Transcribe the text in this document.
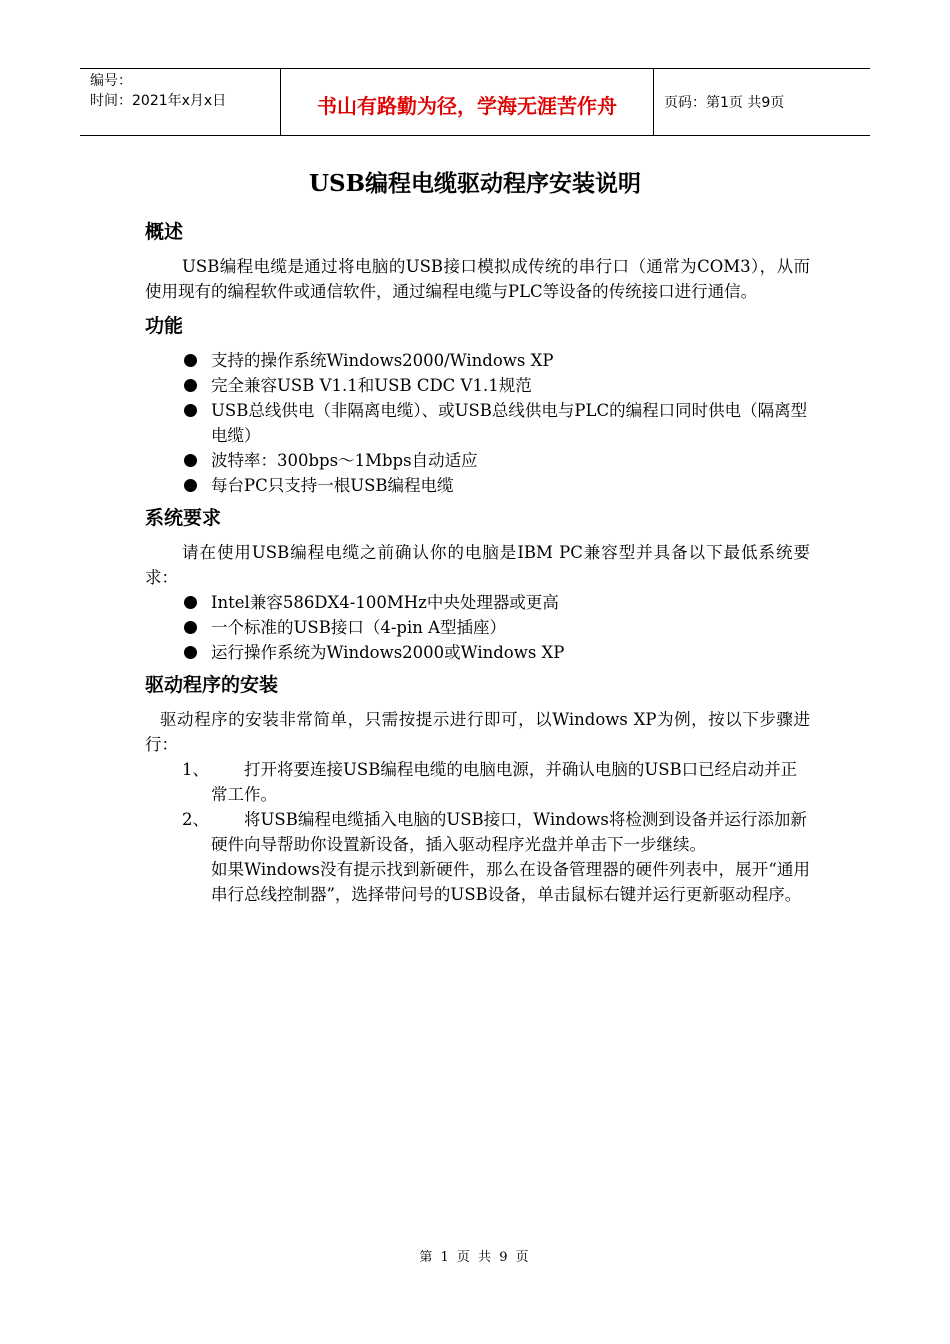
编号：
时间：2021年x月x日	书山有路勤为径，学海无涯苦作舟	页码：第1页 共9页
USB编程电缆驱动程序安装说明
概述

USB编程电缆是通过将电脑的USB接口模拟成传统的串行口（通常为COM3），从而使用现有的编程软件或通信软件，通过编程电缆与PLC等设备的传统接口进行通信。

功能
支持的操作系统Windows2000/Windows XP
完全兼容USB V1.1和USB CDC V1.1规范
USB总线供电（非隔离电缆）、或USB总线供电与PLC的编程口同时供电（隔离型电缆）
波特率：300bps～1Mbps自动适应
每台PC只支持一根USB编程电缆
系统要求

请在使用USB编程电缆之前确认你的电脑是IBM PC兼容型并具备以下最低系统要求：

Intel兼容586DX4-100MHz中央处理器或更高
一个标准的USB接口（4-pin A型插座）
运行操作系统为Windows2000或Windows XP
驱动程序的安装

驱动程序的安装非常简单，只需按提示进行即可，以Windows XP为例，按以下步骤进行：

1、	打开将要连接USB编程电缆的电脑电源，并确认电脑的USB口已经启动并正常工作。
2、	将USB编程电缆插入电脑的USB接口，Windows将检测到设备并运行添加新硬件向导帮助你设置新设备，插入驱动程序光盘并单击下一步继续。
如果Windows没有提示找到新硬件，那么在设备管理器的硬件列表中，展开“通用串行总线控制器”，选择带问号的USB设备，单击鼠标右键并运行更新驱动程序。
第 1 页 共 9 页
